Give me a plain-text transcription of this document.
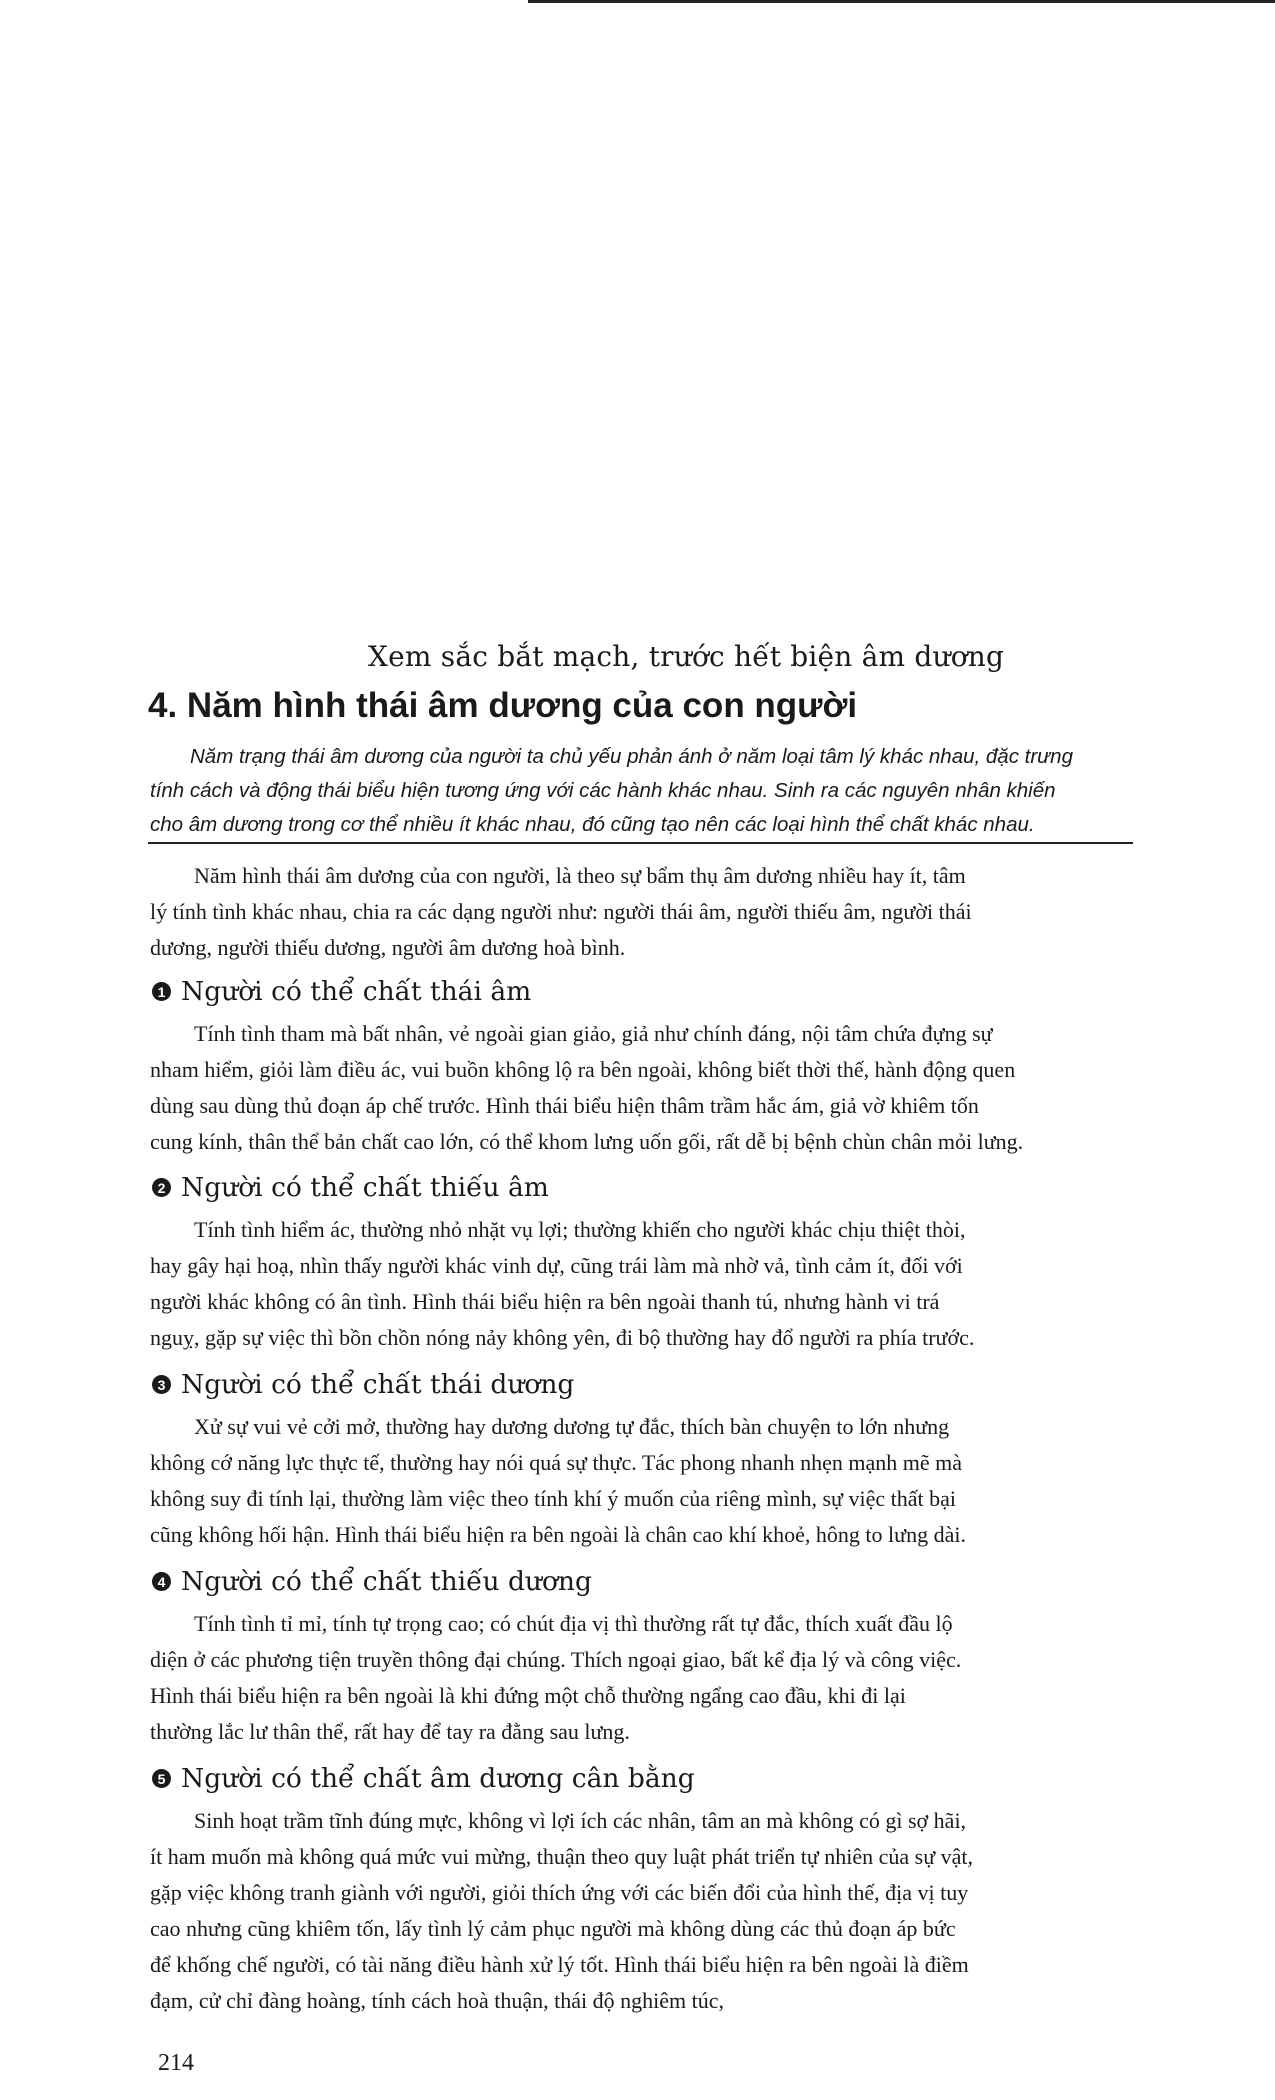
Xem sắc bắt mạch, trước hết biện âm dương
4. Năm hình thái âm dương của con người
Năm trạng thái âm dương của người ta chủ yếu phản ánh ở năm loại tâm lý khác nhau, đặc trưng
tính cách và động thái biểu hiện tương ứng với các hành khác nhau. Sinh ra các nguyên nhân khiến
cho âm dương trong cơ thể nhiều ít khác nhau, đó cũng tạo nên các loại hình thể chất khác nhau.
Năm hình thái âm dương của con người, là theo sự bẩm thụ âm dương nhiều hay ít, tâm
lý tính tình khác nhau, chia ra các dạng người như: người thái âm, người thiếu âm, người thái
dương, người thiếu dương, người âm dương hoà bình.
1 Người có thể chất thái âm
Tính tình tham mà bất nhân, vẻ ngoài gian giảo, giả như chính đáng, nội tâm chứa đựng sự
nham hiểm, giỏi làm điều ác, vui buồn không lộ ra bên ngoài, không biết thời thế, hành động quen
dùng sau dùng thủ đoạn áp chế trước. Hình thái biểu hiện thâm trầm hắc ám, giả vờ khiêm tốn
cung kính, thân thể bản chất cao lớn, có thể khom lưng uốn gối, rất dễ bị bệnh chùn chân mỏi lưng.
2 Người có thể chất thiếu âm
Tính tình hiểm ác, thường nhỏ nhặt vụ lợi; thường khiến cho người khác chịu thiệt thòi,
hay gây hại hoạ, nhìn thấy người khác vinh dự, cũng trái làm mà nhờ vả, tình cảm ít, đối với
người khác không có ân tình. Hình thái biểu hiện ra bên ngoài thanh tú, nhưng hành vi trá
nguỵ, gặp sự việc thì bồn chồn nóng nảy không yên, đi bộ thường hay đổ người ra phía trước.
3 Người có thể chất thái dương
Xử sự vui vẻ cởi mở, thường hay dương dương tự đắc, thích bàn chuyện to lớn nhưng
không cớ năng lực thực tế, thường hay nói quá sự thực. Tác phong nhanh nhẹn mạnh mẽ mà
không suy đi tính lại, thường làm việc theo tính khí ý muốn của riêng mình, sự việc thất bại
cũng không hối hận. Hình thái biểu hiện ra bên ngoài là chân cao khí khoẻ, hông to lưng dài.
4 Người có thể chất thiếu dương
Tính tình tỉ mỉ, tính tự trọng cao; có chút địa vị thì thường rất tự đắc, thích xuất đầu lộ
diện ở các phương tiện truyền thông đại chúng. Thích ngoại giao, bất kể địa lý và công việc.
Hình thái biểu hiện ra bên ngoài là khi đứng một chỗ thường ngẩng cao đầu, khi đi lại
thường lắc lư thân thể, rất hay để tay ra đằng sau lưng.
5 Người có thể chất âm dương cân bằng
Sinh hoạt trầm tĩnh đúng mực, không vì lợi ích các nhân, tâm an mà không có gì sợ hãi,
ít ham muốn mà không quá mức vui mừng, thuận theo quy luật phát triển tự nhiên của sự vật,
gặp việc không tranh giành với người, giỏi thích ứng với các biến đổi của hình thế, địa vị tuy
cao nhưng cũng khiêm tốn, lấy tình lý cảm phục người mà không dùng các thủ đoạn áp bức
để khống chế người, có tài năng điều hành xử lý tốt. Hình thái biểu hiện ra bên ngoài là điềm
đạm, cử chỉ đàng hoàng, tính cách hoà thuận, thái độ nghiêm túc,
214
